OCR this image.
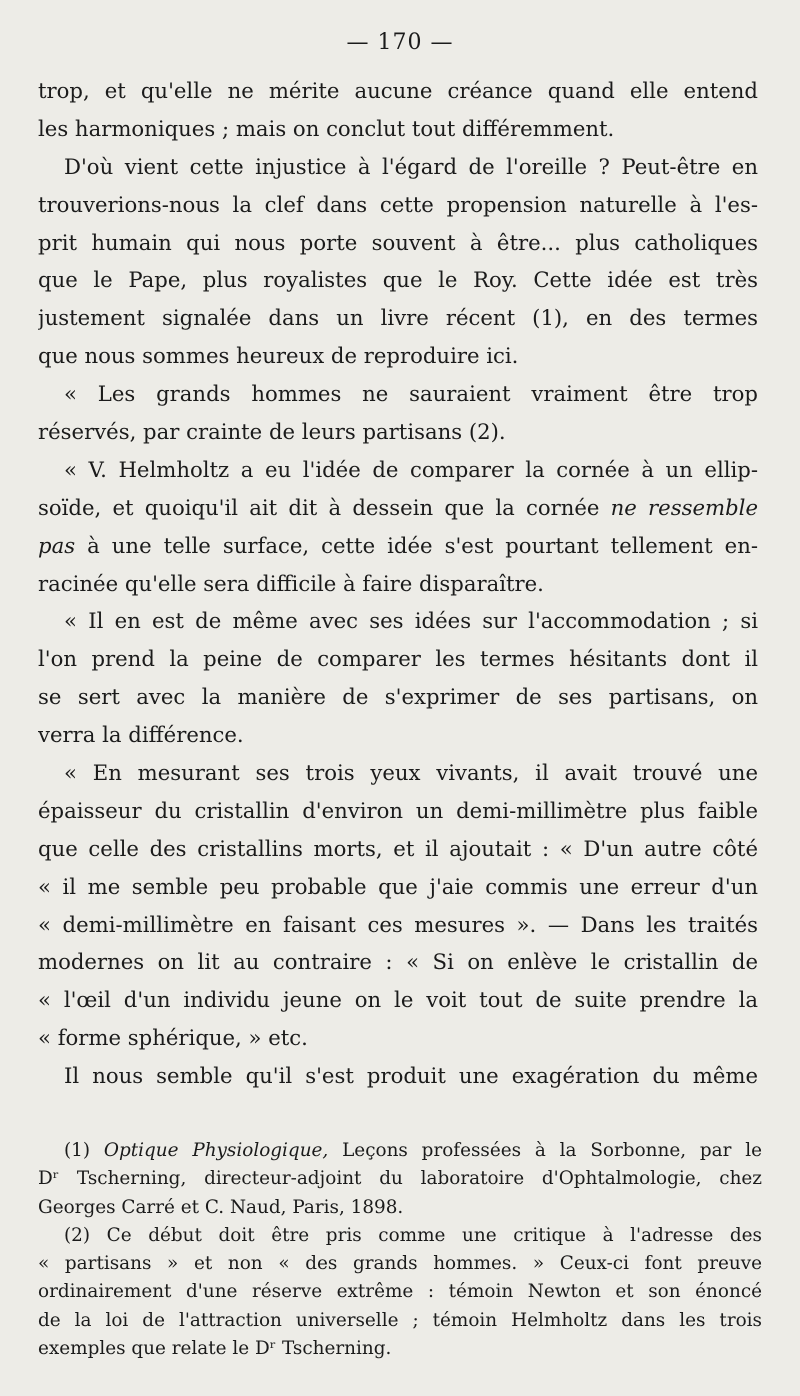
— 170 —
trop, et qu'elle ne mérite aucune créance quand elle entend
les harmoniques ; mais on conclut tout différemment.
D'où vient cette injustice à l'égard de l'oreille ? Peut-être en
trouverions-nous la clef dans cette propension naturelle à l'es-
prit humain qui nous porte souvent à être... plus catholiques
que le Pape, plus royalistes que le Roy. Cette idée est très
justement signalée dans un livre récent (1), en des termes
que nous sommes heureux de reproduire ici.
« Les grands hommes ne sauraient vraiment être trop
réservés, par crainte de leurs partisans (2).
« V. Helmholtz a eu l'idée de comparer la cornée à un ellip-
soïde, et quoiqu'il ait dit à dessein que la cornée ne ressemble
pas à une telle surface, cette idée s'est pourtant tellement en-
racinée qu'elle sera difficile à faire disparaître.
« Il en est de même avec ses idées sur l'accommodation ; si
l'on prend la peine de comparer les termes hésitants dont il
se sert avec la manière de s'exprimer de ses partisans, on
verra la différence.
« En mesurant ses trois yeux vivants, il avait trouvé une
épaisseur du cristallin d'environ un demi-millimètre plus faible
que celle des cristallins morts, et il ajoutait : « D'un autre côté
« il me semble peu probable que j'aie commis une erreur d'un
« demi-millimètre en faisant ces mesures ». — Dans les traités
modernes on lit au contraire : « Si on enlève le cristallin de
« l'œil d'un individu jeune on le voit tout de suite prendre la
« forme sphérique, » etc.
Il nous semble qu'il s'est produit une exagération du même
(1) Optique Physiologique, Leçons professées à la Sorbonne, par le
Dʳ Tscherning, directeur-adjoint du laboratoire d'Ophtalmologie, chez
Georges Carré et C. Naud, Paris, 1898.
(2) Ce début doit être pris comme une critique à l'adresse des
« partisans » et non « des grands hommes. » Ceux-ci font preuve
ordinairement d'une réserve extrême : témoin Newton et son énoncé
de la loi de l'attraction universelle ; témoin Helmholtz dans les trois
exemples que relate le Dʳ Tscherning.
